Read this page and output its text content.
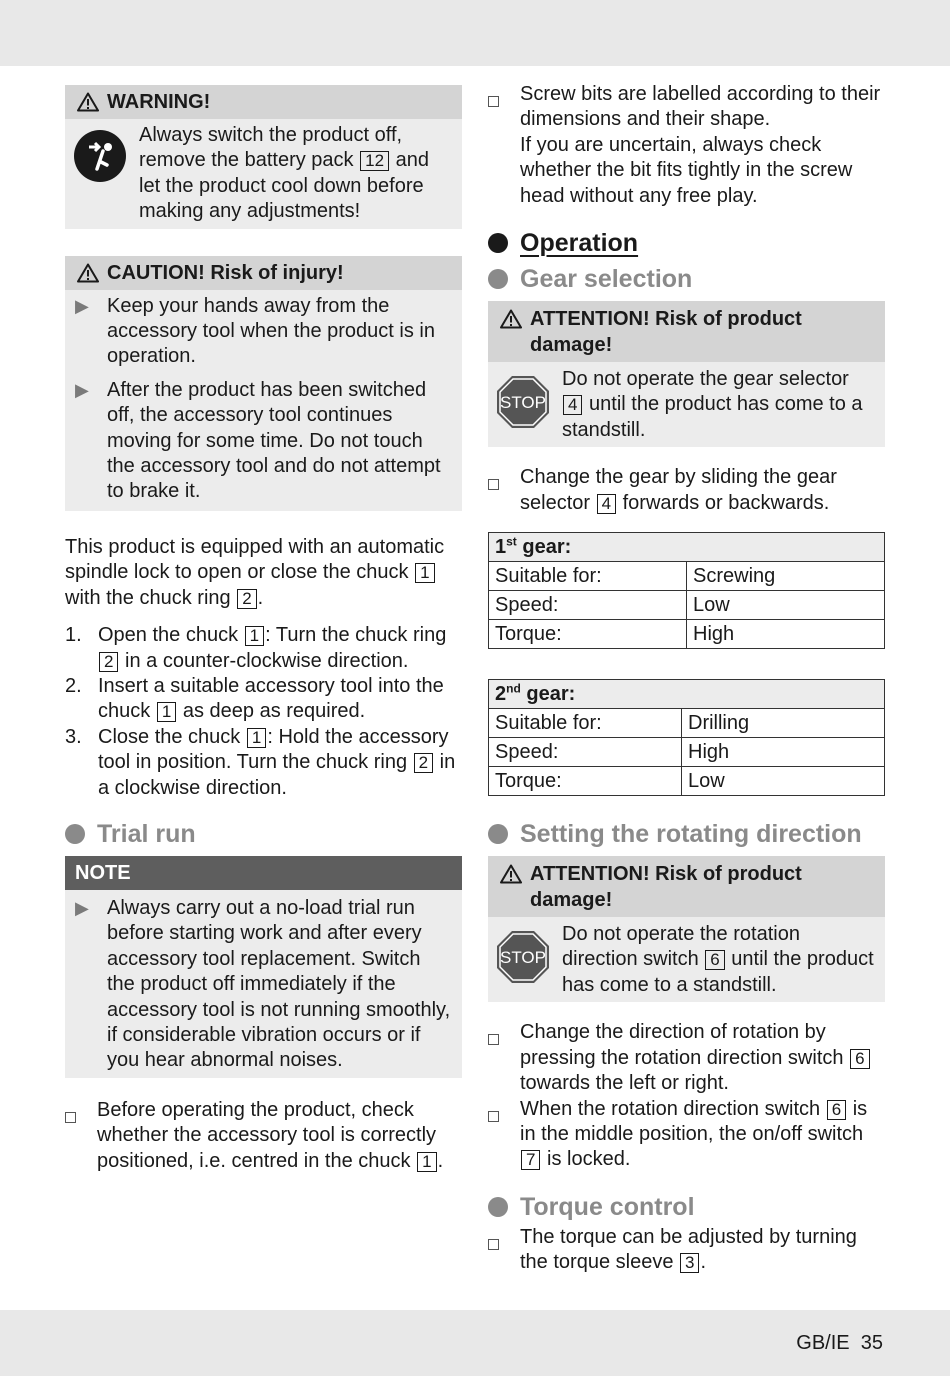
WARNING!
Always switch the product off, remove the battery pack 12 and let the product cool down before making any adjustments!
CAUTION! Risk of injury!
▶ Keep your hands away from the accessory tool when the product is in operation.
▶ After the product has been switched off, the accessory tool continues moving for some time. Do not touch the accessory tool and do not attempt to brake it.
This product is equipped with an automatic spindle lock to open or close the chuck 1 with the chuck ring 2 .
1. Open the chuck 1 : Turn the chuck ring 2 in a counter-clockwise direction.
2. Insert a suitable accessory tool into the chuck 1 as deep as required.
3. Close the chuck 1 : Hold the accessory tool in position. Turn the chuck ring 2 in a clockwise direction.
Trial run
NOTE
▶ Always carry out a no-load trial run before starting work and after every accessory tool replacement. Switch the product off immediately if the accessory tool is not running smoothly, if considerable vibration occurs or if you hear abnormal noises.
Before operating the product, check whether the accessory tool is correctly positioned, i.e. centred in the chuck 1 .
Screw bits are labelled according to their dimensions and their shape.
If you are uncertain, always check whether the bit fits tightly in the screw head without any free play.
Operation
Gear selection
ATTENTION! Risk of product damage!
STOP
Do not operate the gear selector 4 until the product has come to a standstill.
Change the gear by sliding the gear selector 4 forwards or backwards.
1st gear:	
Suitable for:	Screwing
Speed:	Low
Torque:	High
2nd gear:	
Suitable for:	Drilling
Speed:	High
Torque:	Low
Setting the rotating direction
ATTENTION! Risk of product damage!
STOP
Do not operate the rotation direction switch 6 until the product has come to a standstill.
Change the direction of rotation by pressing the rotation direction switch 6 towards the left or right.
When the rotation direction switch 6 is in the middle position, the on/off switch 7 is locked.
Torque control
The torque can be adjusted by turning the torque sleeve 3 .
GB/IE  35
